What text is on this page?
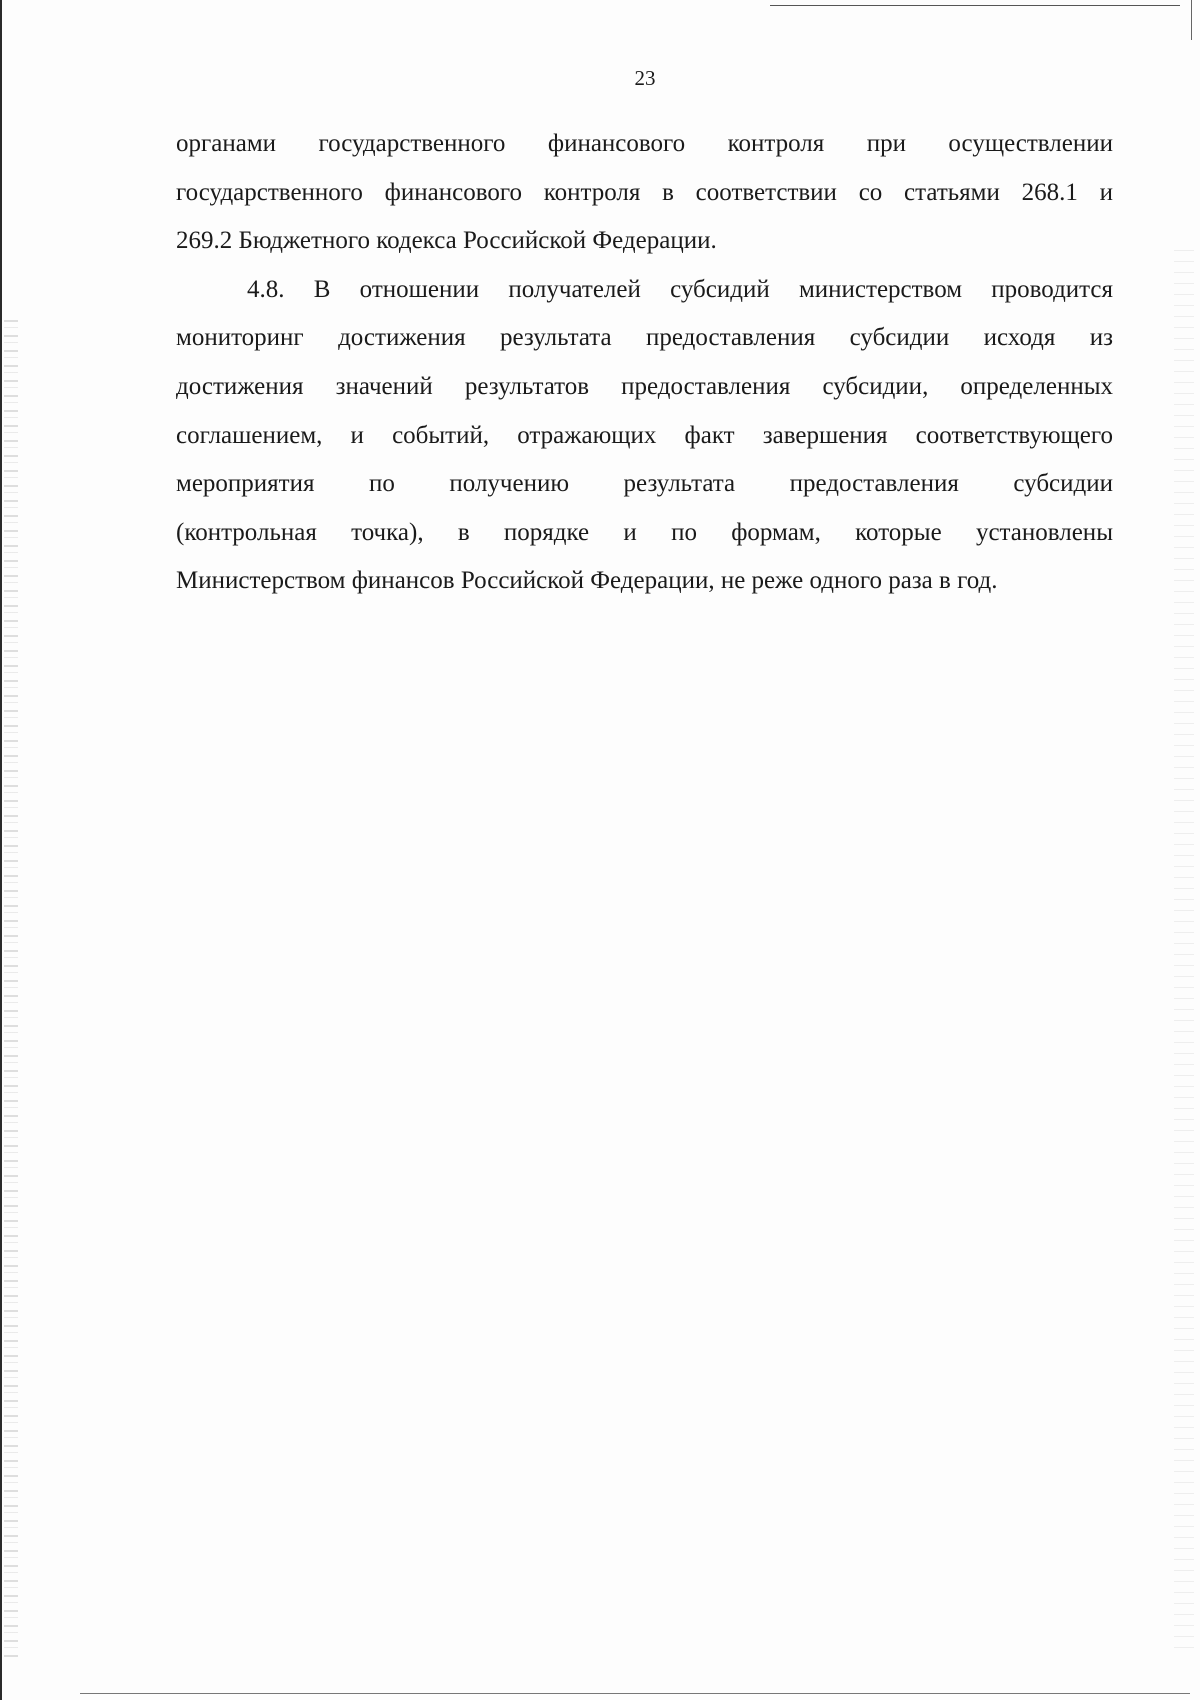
23

органами государственного финансового контроля при осуществлении
государственного финансового контроля в соответствии со статьями 268.1 и
269.2 Бюджетного кодекса Российской Федерации.

4.8. В отношении получателей субсидий министерством проводится
мониторинг достижения результата предоставления субсидии исходя из
достижения значений результатов предоставления субсидии, определенных
соглашением, и событий, отражающих факт завершения соответствующего
мероприятия по получению результата предоставления субсидии
(контрольная точка), в порядке и по формам, которые установлены
Министерством финансов Российской Федерации, не реже одного раза в год.
